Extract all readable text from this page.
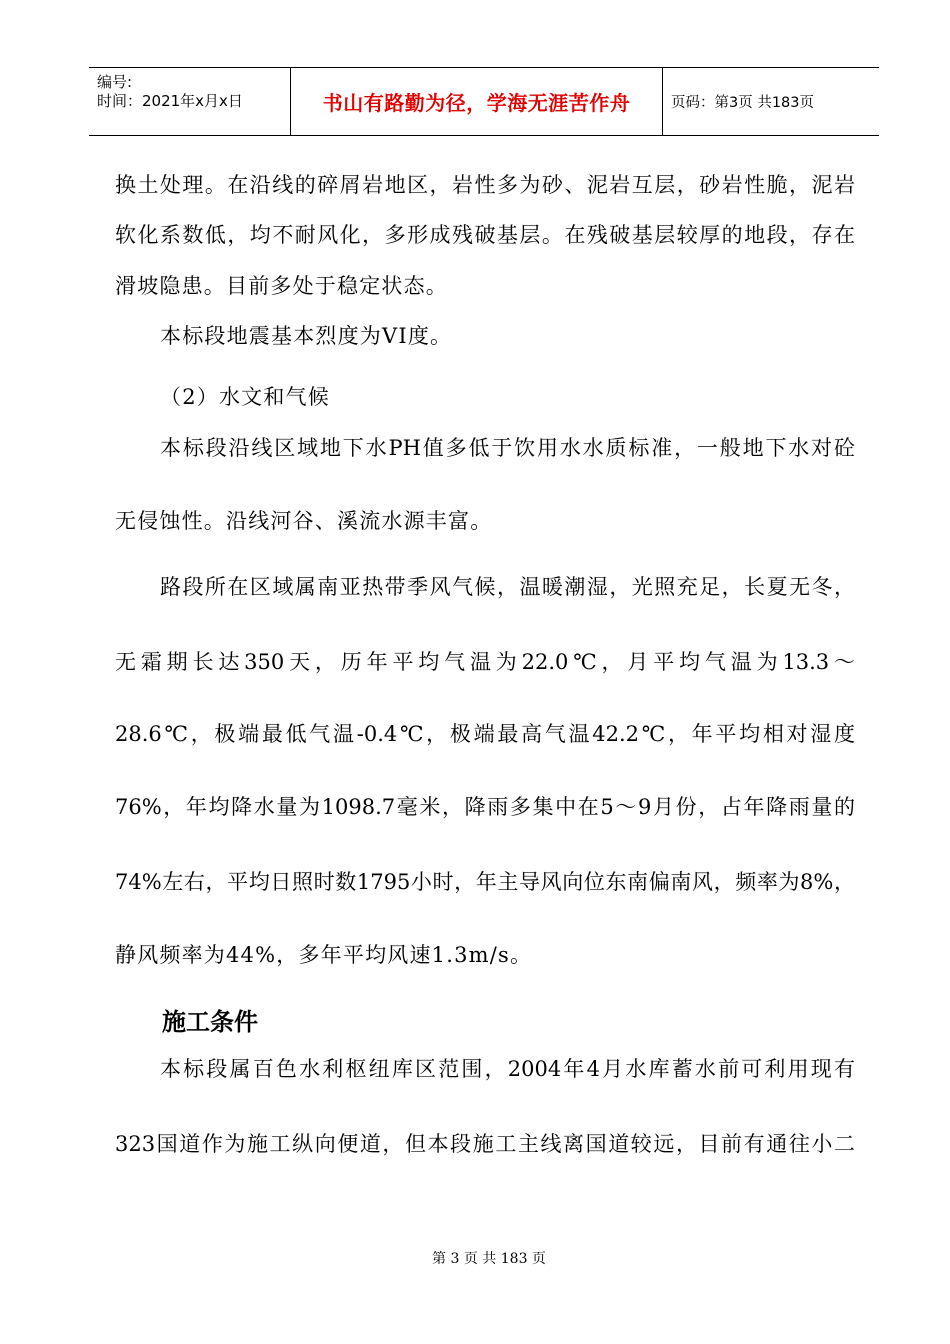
编号:
时间：2021年x月x日	书山有路勤为径，学海无涯苦作舟	页码：第3页 共183页
换土处理。在沿线的碎屑岩地区，岩性多为砂、泥岩互层，砂岩性脆，泥岩
软化系数低，均不耐风化，多形成残破基层。在残破基层较厚的地段，存在
滑坡隐患。目前多处于稳定状态。
本标段地震基本烈度为VI度。
（2）水文和气候
本标段沿线区域地下水PH值多低于饮用水水质标准，一般地下水对砼
无侵蚀性。沿线河谷、溪流水源丰富。
路段所在区域属南亚热带季风气候，温暖潮湿，光照充足，长夏无冬，
无霜期长达350天，历年平均气温为22.0℃，月平均气温为13.3～
28.6℃，极端最低气温-0.4℃，极端最高气温42.2℃，年平均相对湿度
76%，年均降水量为1098.7毫米，降雨多集中在5～9月份，占年降雨量的
74%左右，平均日照时数1795小时，年主导风向位东南偏南风，频率为8%，
静风频率为44%，多年平均风速1.3m/s。
施工条件
本标段属百色水利枢纽库区范围，2004年4月水库蓄水前可利用现有
323国道作为施工纵向便道，但本段施工主线离国道较远，目前有通往小二
第 3 页 共 183 页
